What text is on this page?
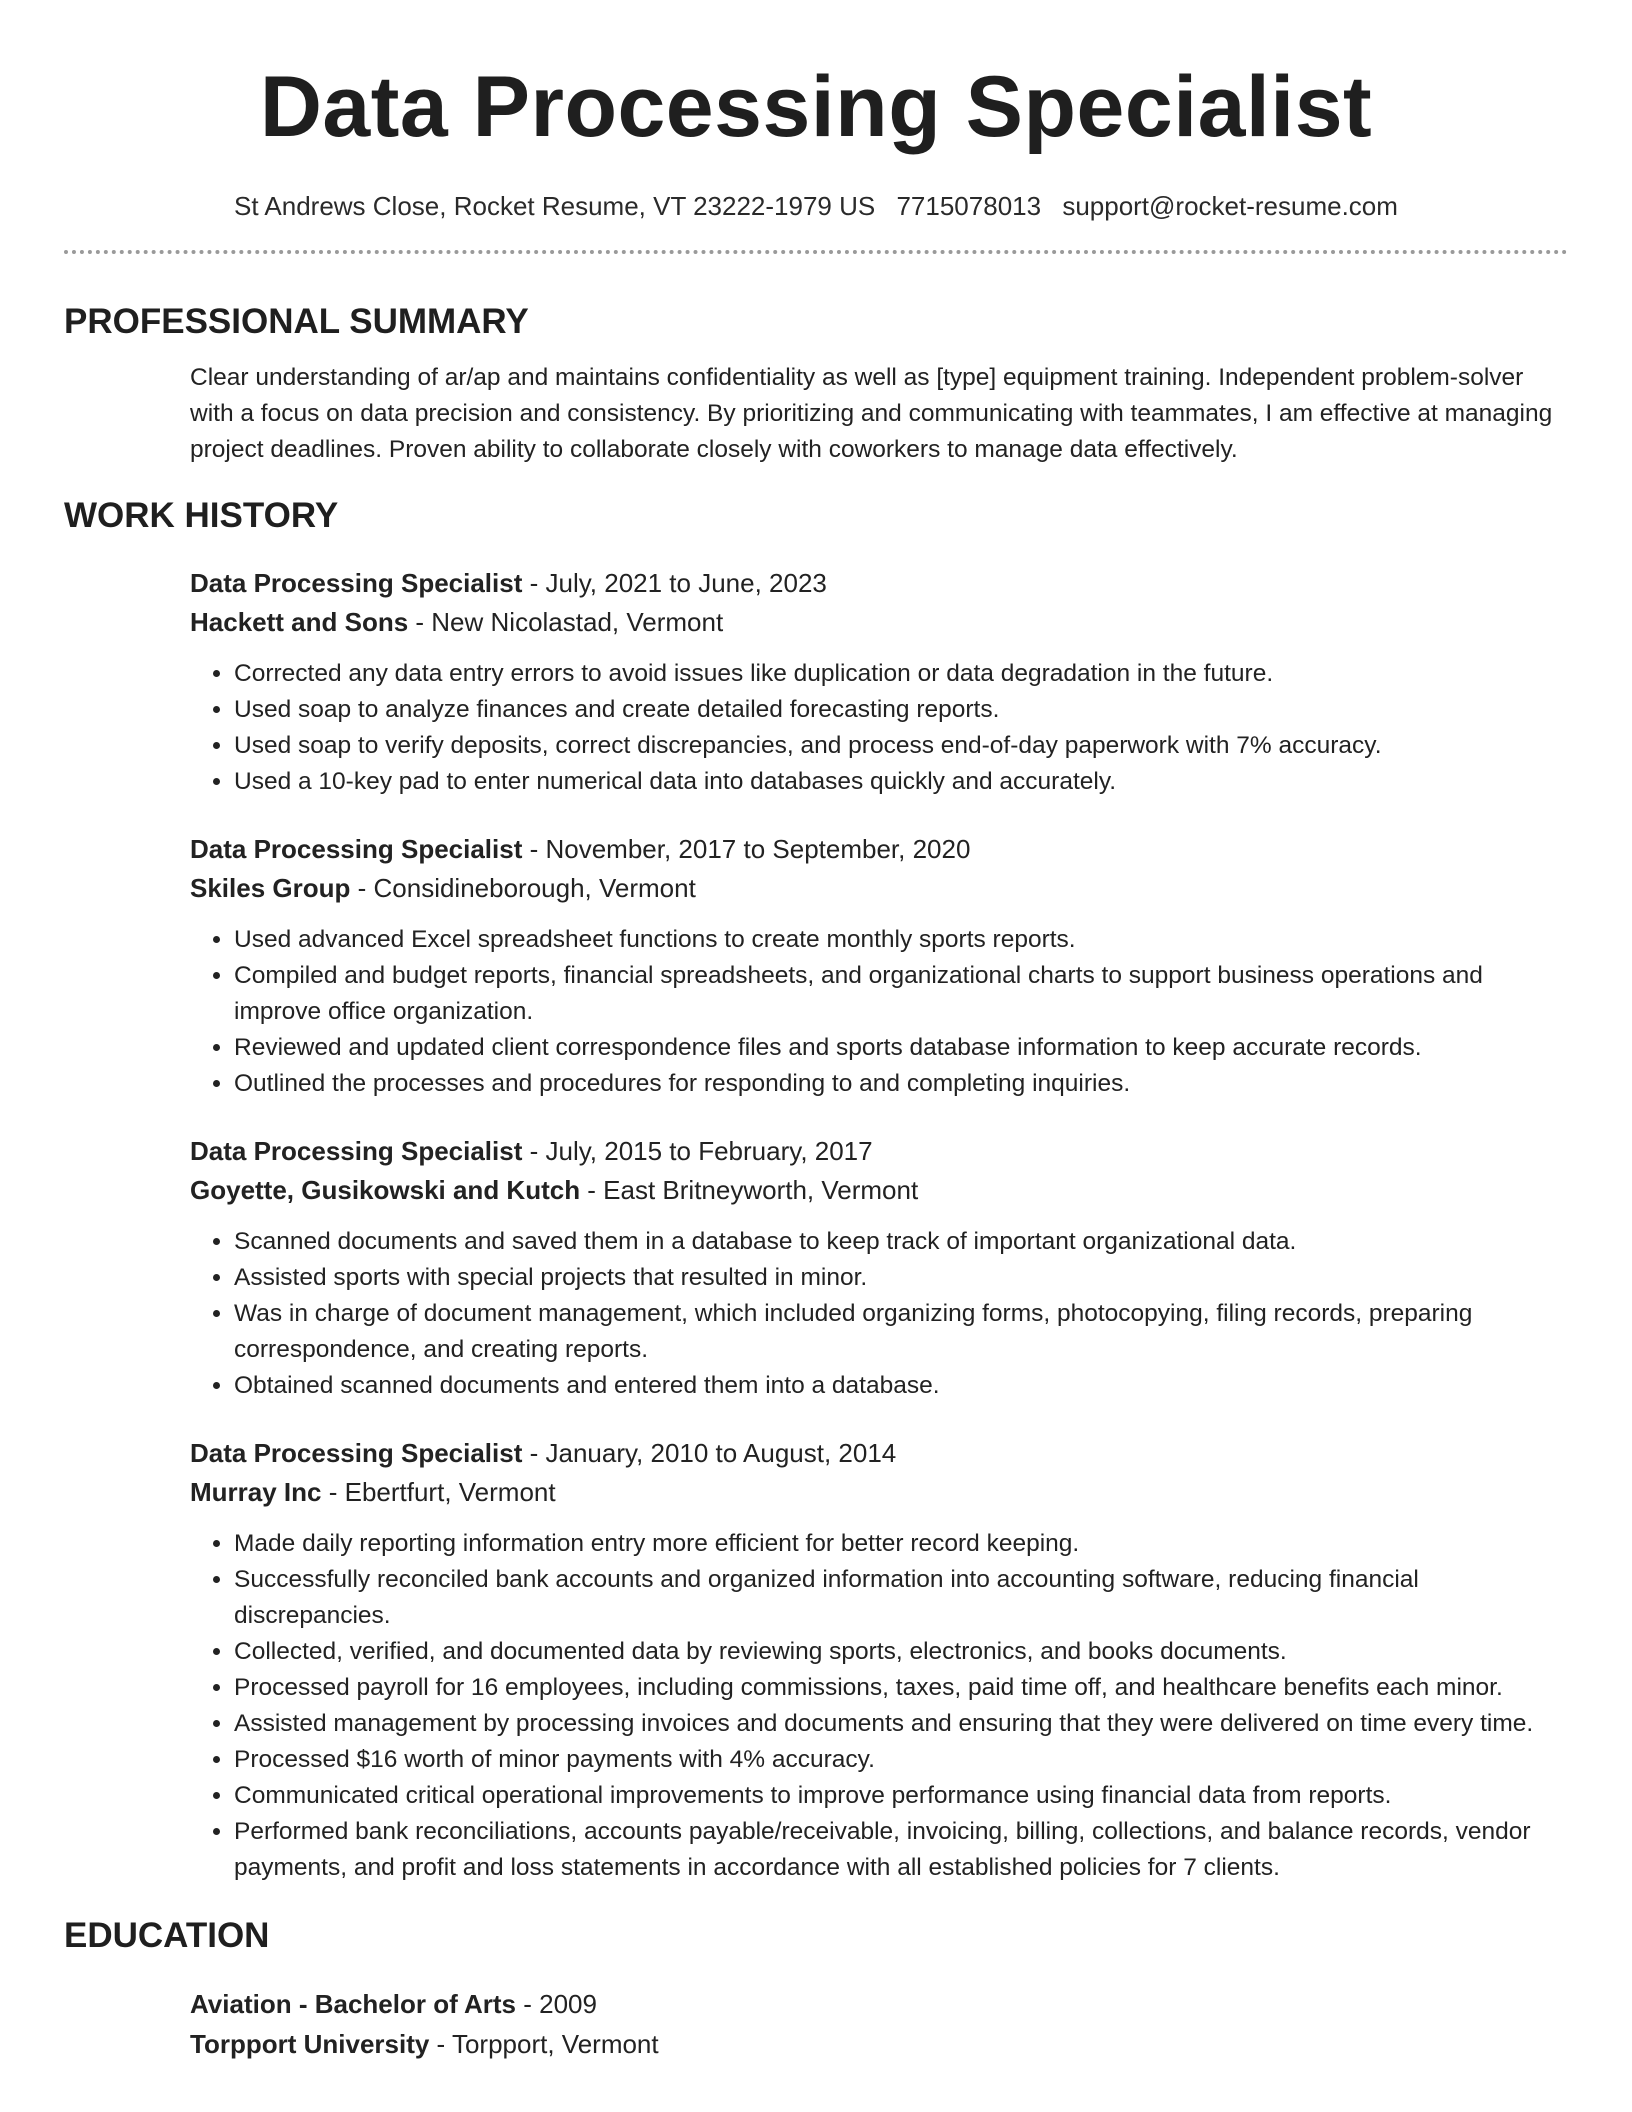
Data Processing Specialist
St Andrews Close, Rocket Resume, VT 23222-1979 US 7715078013 support@rocket-resume.com
PROFESSIONAL SUMMARY
Clear understanding of ar/ap and maintains confidentiality as well as [type] equipment training. Independent problem-solver with a focus on data precision and consistency. By prioritizing and communicating with teammates, I am effective at managing project deadlines. Proven ability to collaborate closely with coworkers to manage data effectively.
WORK HISTORY
Data Processing Specialist - July, 2021 to June, 2023
Hackett and Sons - New Nicolastad, Vermont
• Corrected any data entry errors to avoid issues like duplication or data degradation in the future.
• Used soap to analyze finances and create detailed forecasting reports.
• Used soap to verify deposits, correct discrepancies, and process end-of-day paperwork with 7% accuracy.
• Used a 10-key pad to enter numerical data into databases quickly and accurately.
Data Processing Specialist - November, 2017 to September, 2020
Skiles Group - Considineborough, Vermont
• Used advanced Excel spreadsheet functions to create monthly sports reports.
• Compiled and budget reports, financial spreadsheets, and organizational charts to support business operations and improve office organization.
• Reviewed and updated client correspondence files and sports database information to keep accurate records.
• Outlined the processes and procedures for responding to and completing inquiries.
Data Processing Specialist - July, 2015 to February, 2017
Goyette, Gusikowski and Kutch - East Britneyworth, Vermont
• Scanned documents and saved them in a database to keep track of important organizational data.
• Assisted sports with special projects that resulted in minor.
• Was in charge of document management, which included organizing forms, photocopying, filing records, preparing correspondence, and creating reports.
• Obtained scanned documents and entered them into a database.
Data Processing Specialist - January, 2010 to August, 2014
Murray Inc - Ebertfurt, Vermont
• Made daily reporting information entry more efficient for better record keeping.
• Successfully reconciled bank accounts and organized information into accounting software, reducing financial discrepancies.
• Collected, verified, and documented data by reviewing sports, electronics, and books documents.
• Processed payroll for 16 employees, including commissions, taxes, paid time off, and healthcare benefits each minor.
• Assisted management by processing invoices and documents and ensuring that they were delivered on time every time.
• Processed $16 worth of minor payments with 4% accuracy.
• Communicated critical operational improvements to improve performance using financial data from reports.
• Performed bank reconciliations, accounts payable/receivable, invoicing, billing, collections, and balance records, vendor payments, and profit and loss statements in accordance with all established policies for 7 clients.
EDUCATION
Aviation - Bachelor of Arts - 2009
Torpport University - Torpport, Vermont
